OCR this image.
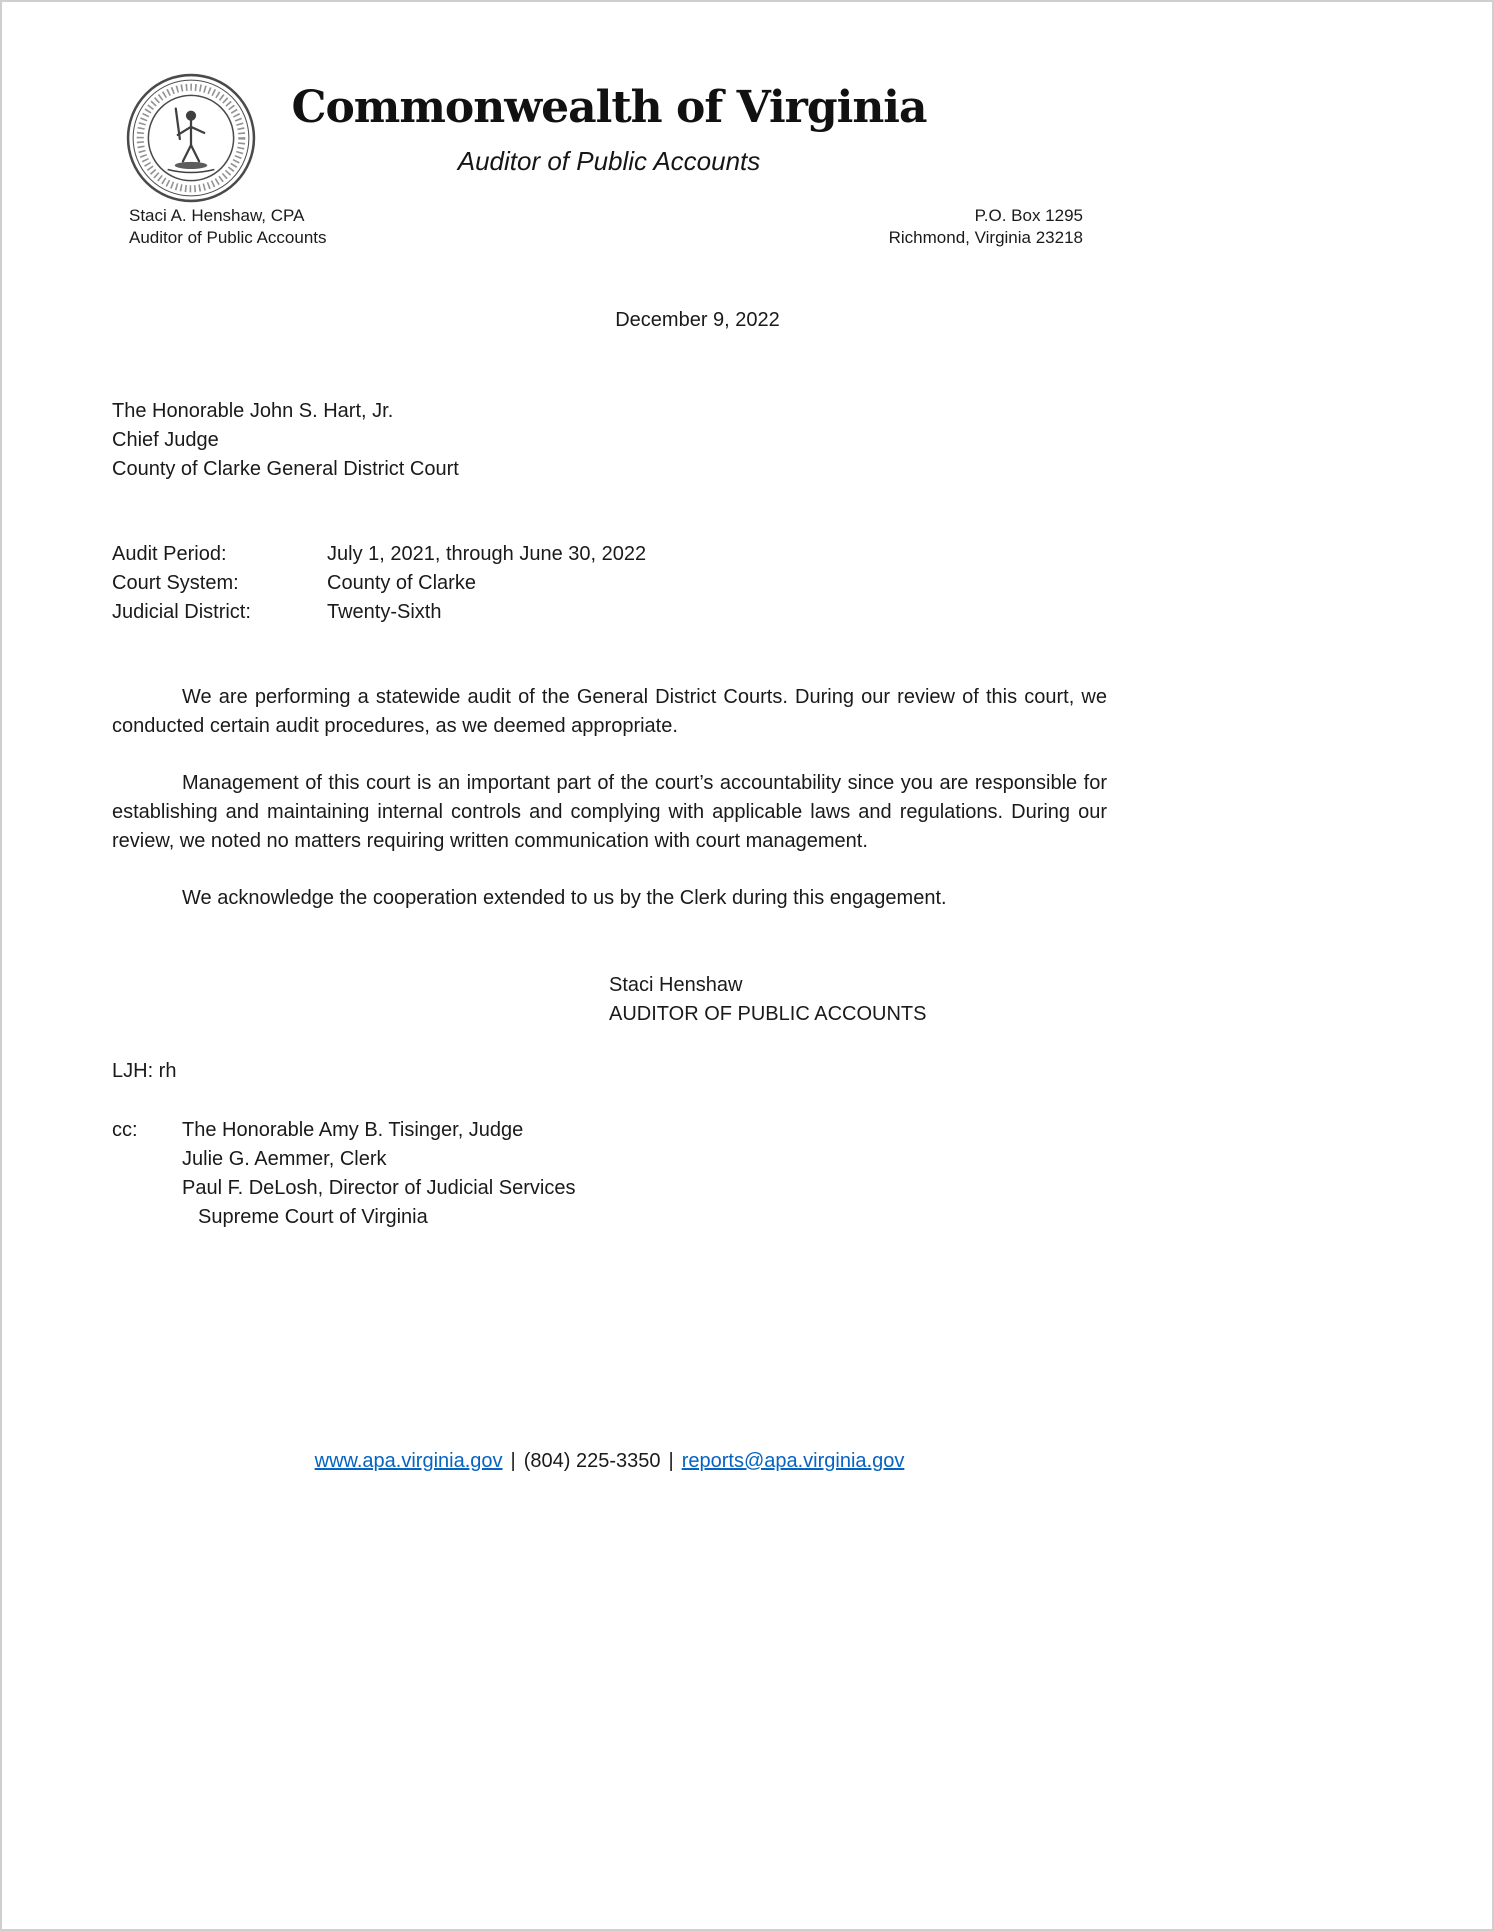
Commonwealth of Virginia
Auditor of Public Accounts
Staci A. Henshaw, CPA
Auditor of Public Accounts
P.O. Box 1295
Richmond, Virginia 23218
December 9, 2022
The Honorable John S. Hart, Jr.
Chief Judge
County of Clarke General District Court
Audit Period:	July 1, 2021, through June 30, 2022
Court System:	County of Clarke
Judicial District:	Twenty-Sixth

We are performing a statewide audit of the General District Courts. During our review of this court, we conducted certain audit procedures, as we deemed appropriate.

Management of this court is an important part of the court’s accountability since you are responsible for establishing and maintaining internal controls and complying with applicable laws and regulations. During our review, we noted no matters requiring written communication with court management.

We acknowledge the cooperation extended to us by the Clerk during this engagement.

Staci Henshaw
AUDITOR OF PUBLIC ACCOUNTS
LJH: rh
cc:	The Honorable Amy B. Tisinger, Judge
Julie G. Aemmer, Clerk
Paul F. DeLosh, Director of Judicial Services
Supreme Court of Virginia
www.apa.virginia.gov | (804) 225-3350 | reports@apa.virginia.gov
